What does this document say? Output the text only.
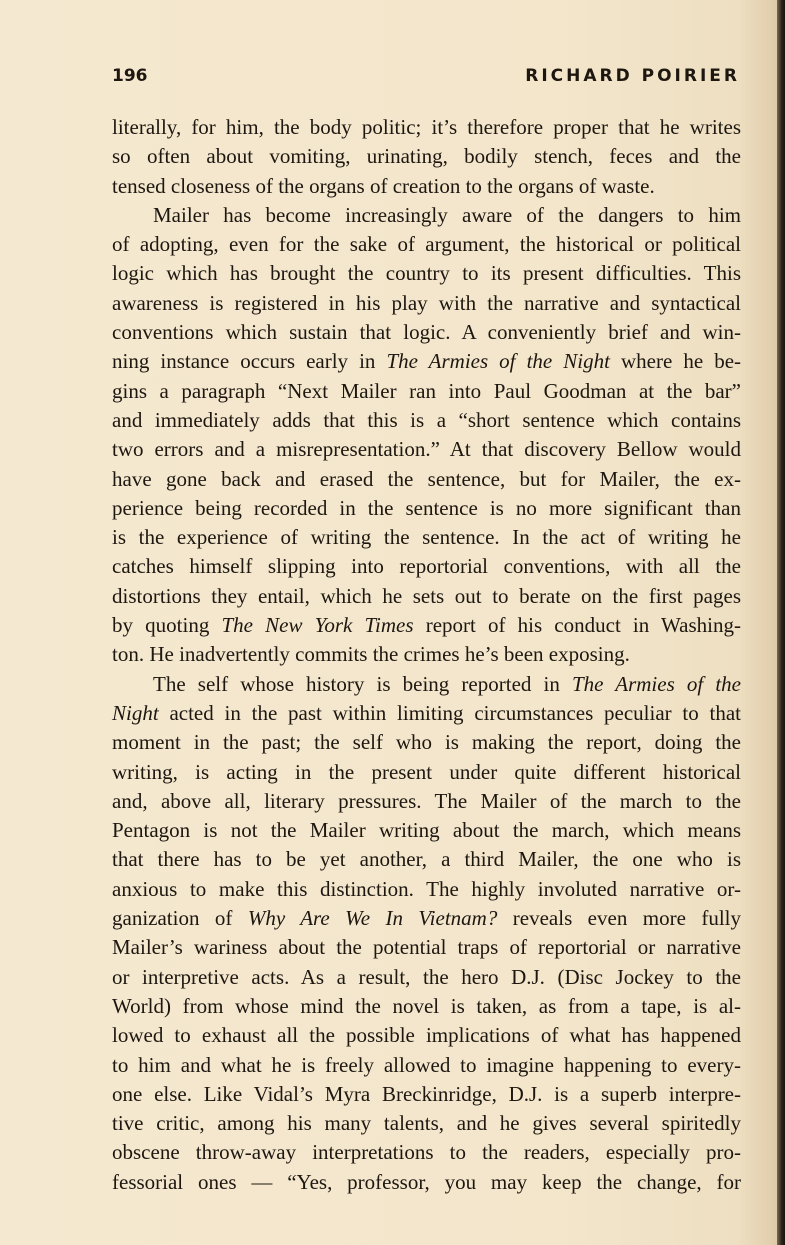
196	RICHARD POIRIER

literally, for him, the body politic; it’s therefore proper that he writes
so often about vomiting, urinating, bodily stench, feces and the
tensed closeness of the organs of creation to the organs of waste.

Mailer has become increasingly aware of the dangers to him
of adopting, even for the sake of argument, the historical or political
logic which has brought the country to its present difficulties. This
awareness is registered in his play with the narrative and syntactical
conventions which sustain that logic. A conveniently brief and win-
ning instance occurs early in The Armies of the Night where he be-
gins a paragraph “Next Mailer ran into Paul Goodman at the bar”
and immediately adds that this is a “short sentence which contains
two errors and a misrepresentation.” At that discovery Bellow would
have gone back and erased the sentence, but for Mailer, the ex-
perience being recorded in the sentence is no more significant than
is the experience of writing the sentence. In the act of writing he
catches himself slipping into reportorial conventions, with all the
distortions they entail, which he sets out to berate on the first pages
by quoting The New York Times report of his conduct in Washing-
ton. He inadvertently commits the crimes he’s been exposing.

The self whose history is being reported in The Armies of the
Night acted in the past within limiting circumstances peculiar to that
moment in the past; the self who is making the report, doing the
writing, is acting in the present under quite different historical
and, above all, literary pressures. The Mailer of the march to the
Pentagon is not the Mailer writing about the march, which means
that there has to be yet another, a third Mailer, the one who is
anxious to make this distinction. The highly involuted narrative or-
ganization of Why Are We In Vietnam? reveals even more fully
Mailer’s wariness about the potential traps of reportorial or narrative
or interpretive acts. As a result, the hero D.J. (Disc Jockey to the
World) from whose mind the novel is taken, as from a tape, is al-
lowed to exhaust all the possible implications of what has happened
to him and what he is freely allowed to imagine happening to every-
one else. Like Vidal’s Myra Breckinridge, D.J. is a superb interpre-
tive critic, among his many talents, and he gives several spiritedly
obscene throw-away interpretations to the readers, especially pro-
fessorial ones — “Yes, professor, you may keep the change, for
